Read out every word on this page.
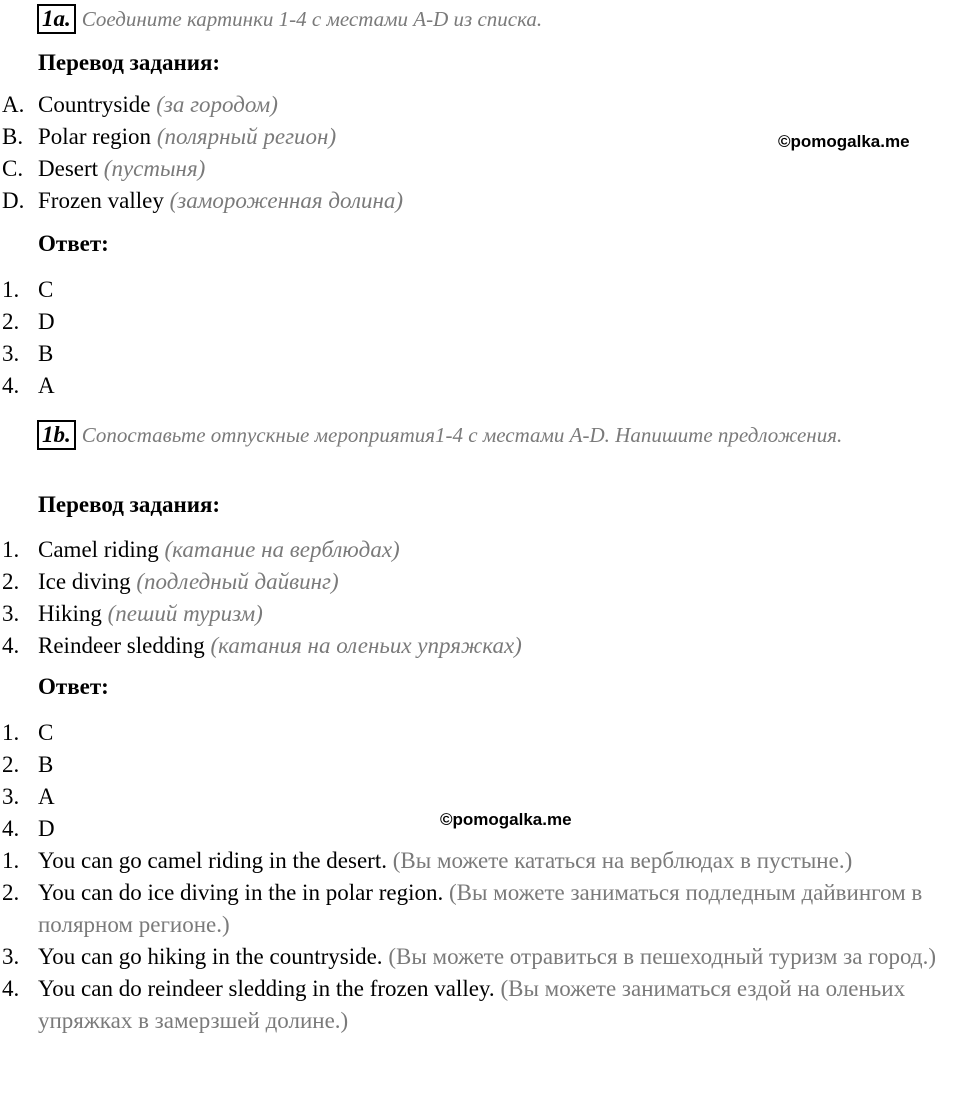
©pomogalka.me
©pomogalka.me
1a. Соедините картинки 1-4 с местами A-D из списка.
Перевод задания:
A. Countryside (за городом)
B. Polar region (полярный регион)
C. Desert (пустыня)
D. Frozen valley (замороженная долина)
Ответ:
1. C
2. D
3. B
4. A
1b. Сопоставьте отпускные мероприятия1-4 с местами A-D. Напишите предложения.
Перевод задания:
1. Camel riding (катание на верблюдах)
2. Ice diving (подледный дайвинг)
3. Hiking (пеший туризм)
4. Reindeer sledding (катания на оленьих упряжках)
Ответ:
1. C
2. B
3. A
4. D
1. You can go camel riding in the desert. (Вы можете кататься на верблюдах в пустыне.)
2. You can do ice diving in the in polar region. (Вы можете заниматься подледным дайвингом в полярном регионе.)
3. You can go hiking in the countryside. (Вы можете отравиться в пешеходный туризм за город.)
4. You can do reindeer sledding in the frozen valley. (Вы можете заниматься ездой на оленьих упряжках в замерзшей долине.)
